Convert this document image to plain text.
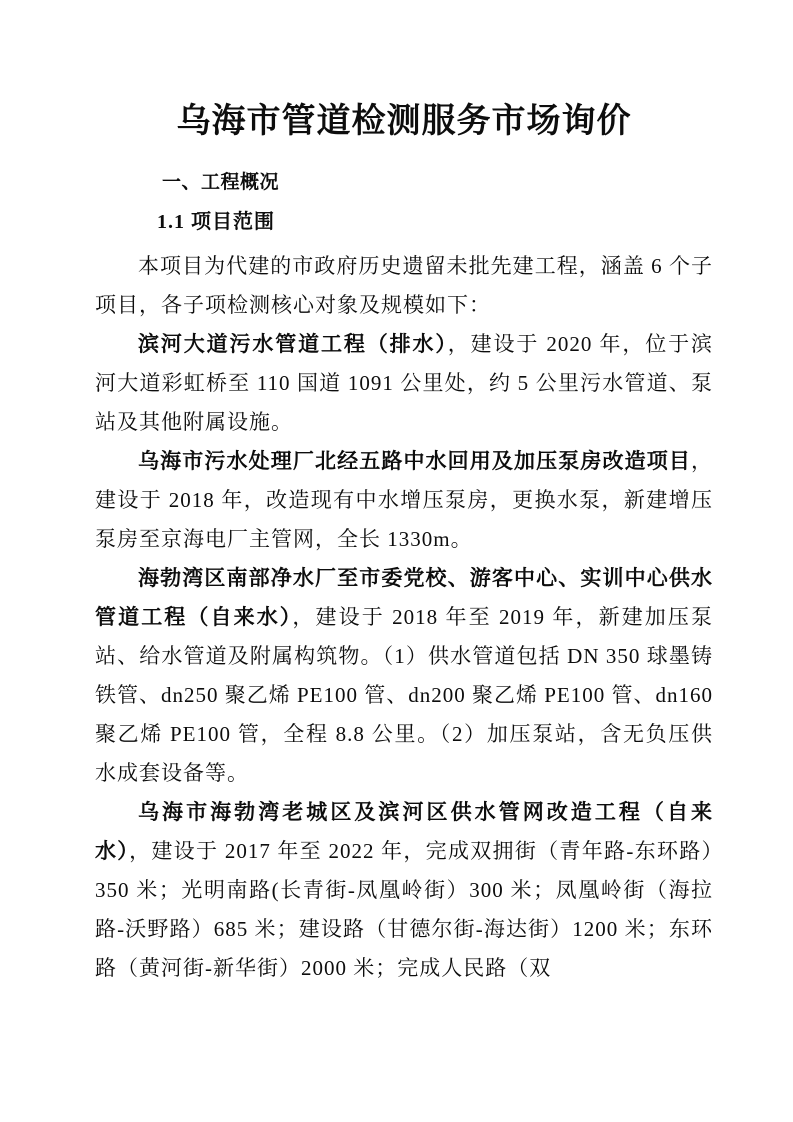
乌海市管道检测服务市场询价
一、工程概况
1.1 项目范围

本项目为代建的市政府历史遗留未批先建工程，涵盖 6 个子项目，各子项检测核心对象及规模如下：

滨河大道污水管道工程（排水），建设于 2020 年，位于滨河大道彩虹桥至 110 国道 1091 公里处，约 5 公里污水管道、泵站及其他附属设施。

乌海市污水处理厂北经五路中水回用及加压泵房改造项目，建设于 2018 年，改造现有中水增压泵房，更换水泵，新建增压泵房至京海电厂主管网，全长 1330m。

海勃湾区南部净水厂至市委党校、游客中心、实训中心供水管道工程（自来水），建设于 2018 年至 2019 年，新建加压泵站、给水管道及附属构筑物。（1）供水管道包括 DN 350 球墨铸铁管、dn250 聚乙烯 PE100 管、dn200 聚乙烯 PE100 管、dn160 聚乙烯 PE100 管，全程 8.8 公里。（2）加压泵站，含无负压供水成套设备等。

乌海市海勃湾老城区及滨河区供水管网改造工程（自来水），建设于 2017 年至 2022 年，完成双拥街（青年路-东环路）350 米；光明南路(长青街-凤凰岭街）300 米；凤凰岭街（海拉路-沃野路）685 米；建设路（甘德尔街-海达街）1200 米；东环路（黄河街-新华街）2000 米；完成人民路（双
